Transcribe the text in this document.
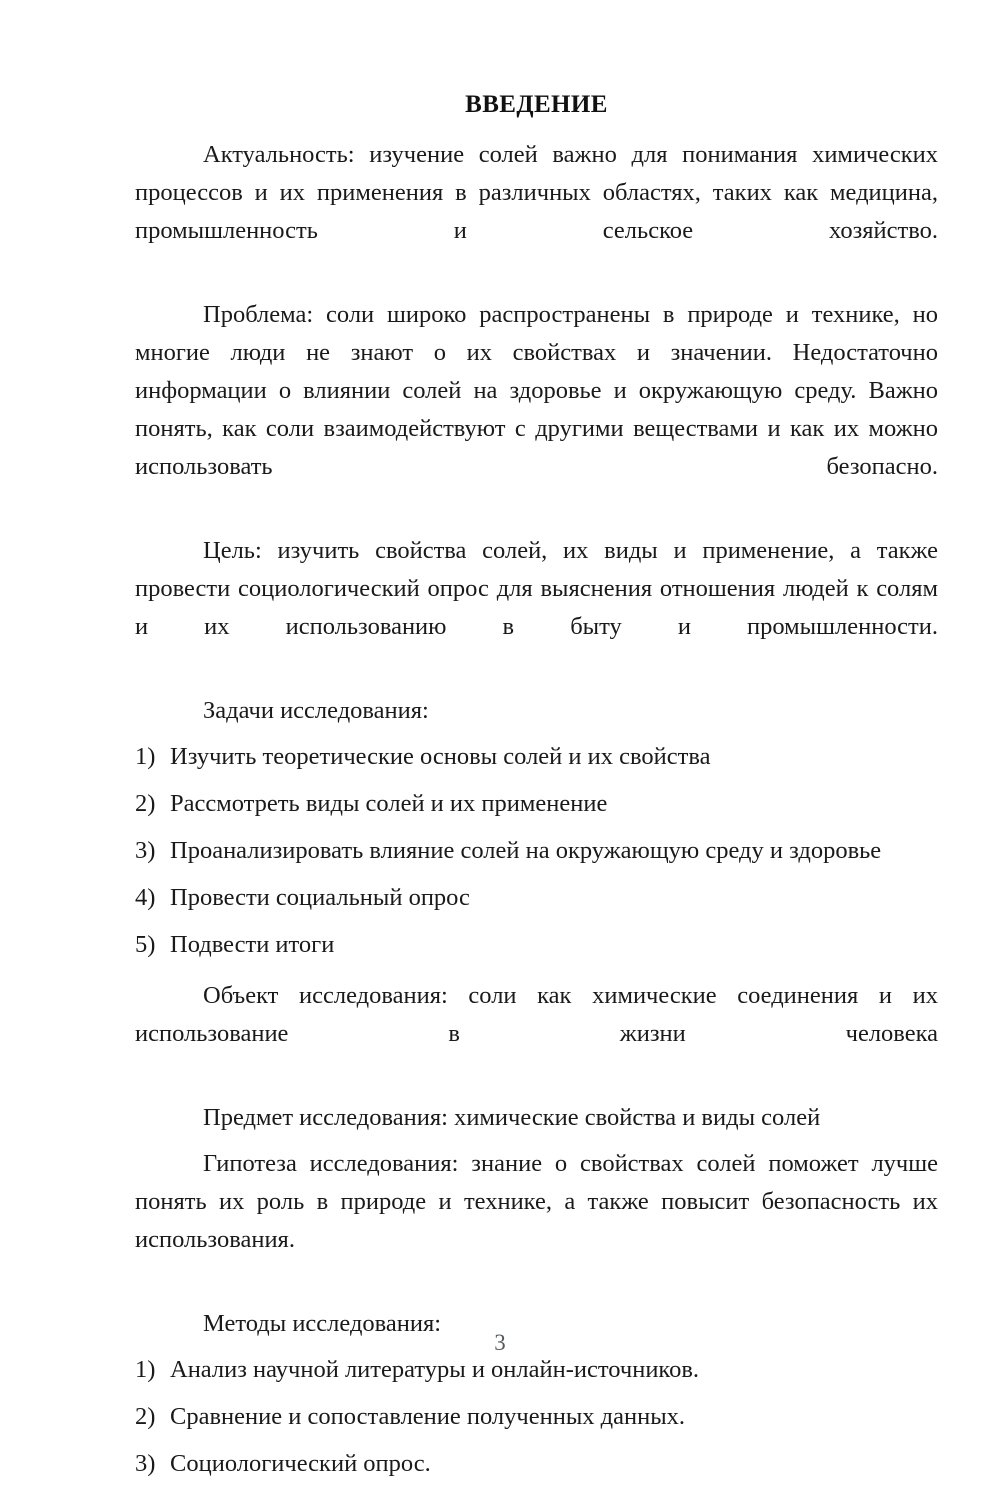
ВВЕДЕНИЕ

Актуальность: изучение солей важно для понимания химических процессов и их применения в различных областях, таких как медицина, промышленность и сельское хозяйство.

Проблема: соли широко распространены в природе и технике, но многие люди не знают о их свойствах и значении. Недостаточно информации о влиянии солей на здоровье и окружающую среду. Важно понять, как соли взаимодействуют с другими веществами и как их можно использовать безопасно.

Цель: изучить свойства солей, их виды и применение, а также провести социологический опрос для выяснения отношения людей к солям и их использованию в быту и промышленности.

Задачи исследования:

1) Изучить теоретические основы солей и их свойства
2) Рассмотреть виды солей и их применение
3) Проанализировать влияние солей на окружающую среду и здоровье
4) Провести социальный опрос
5) Подвести итоги

Объект исследования: соли как химические соединения и их использование в жизни человека

Предмет исследования: химические свойства и виды солей

Гипотеза исследования: знание о свойствах солей поможет лучше понять их роль в природе и технике, а также повысит безопасность их использования.

Методы исследования:

1) Анализ научной литературы и онлайн-источников.
2) Сравнение и сопоставление полученных данных.
3) Социологический опрос.
3
